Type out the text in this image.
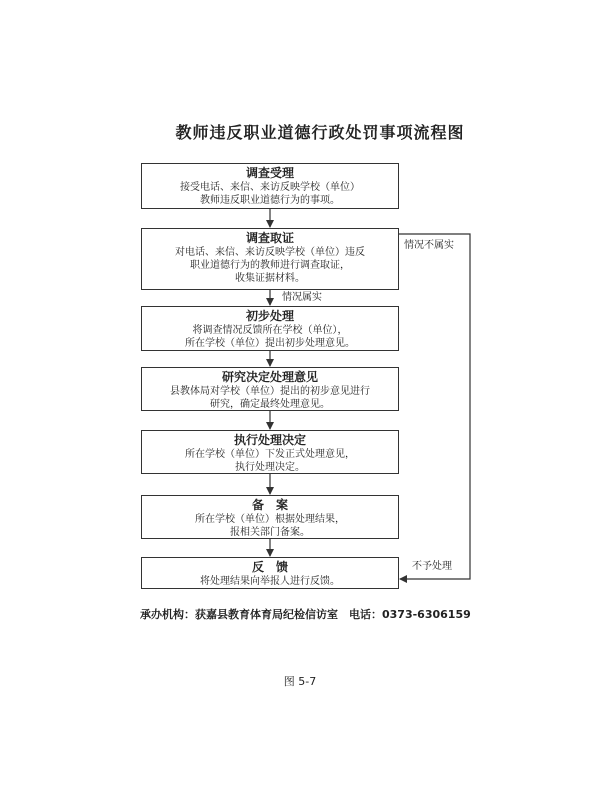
教师违反职业道德行政处罚事项流程图
调查受理
接受电话、来信、来访反映学校（单位）
教师违反职业道德行为的事项。
调查取证
对电话、来信、来访反映学校（单位）违反
职业道德行为的教师进行调查取证，
收集证据材料。
初步处理
将调查情况反馈所在学校（单位），
所在学校（单位）提出初步处理意见。
研究决定处理意见
县教体局对学校（单位）提出的初步意见进行
研究，确定最终处理意见。
执行处理决定
所在学校（单位）下发正式处理意见，
执行处理决定。
备　案
所在学校（单位）根据处理结果，
报相关部门备案。
反　馈
将处理结果向举报人进行反馈。
情况不属实
情况属实
不予处理
承办机构：获嘉县教育体育局纪检信访室　电话：0373-6306159
图 5-7
